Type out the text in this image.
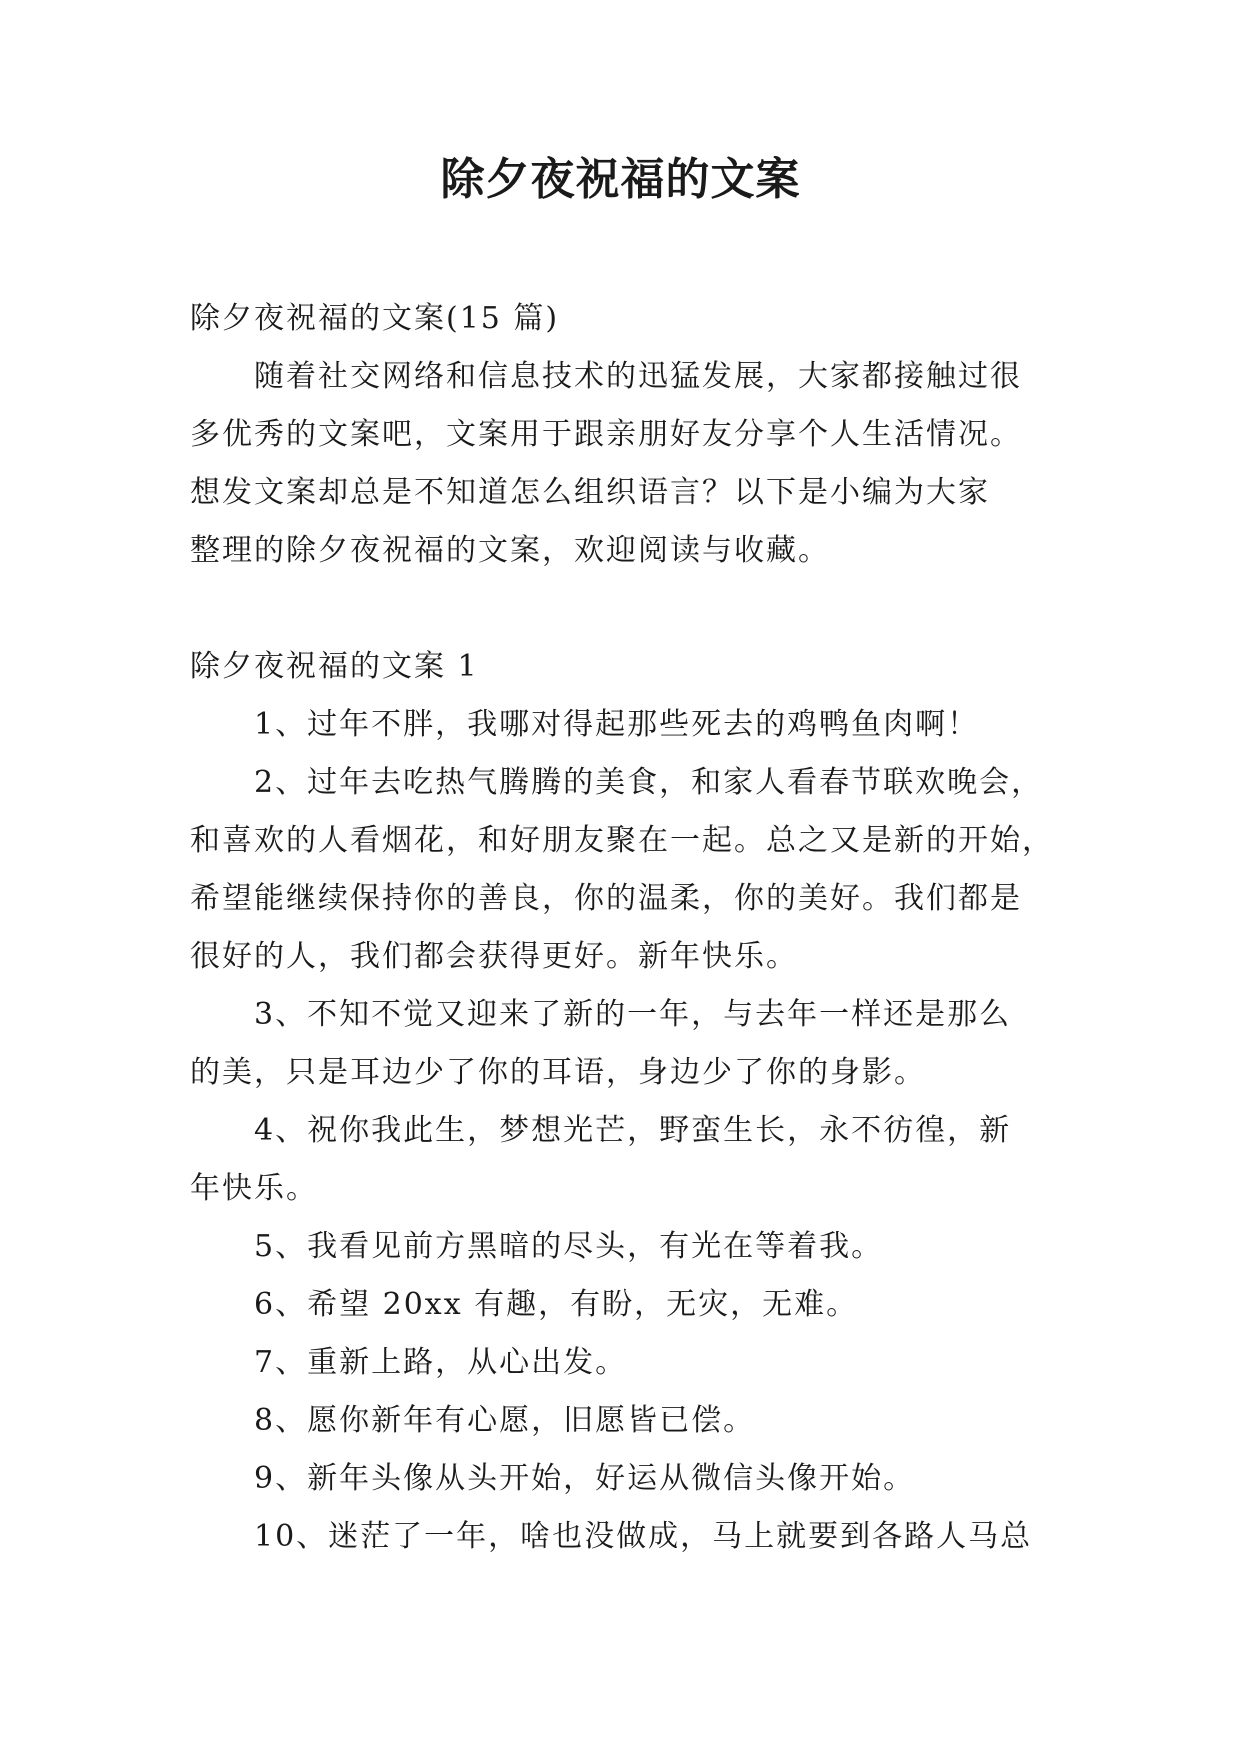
除夕夜祝福的文案

除夕夜祝福的文案(15 篇)

随着社交网络和信息技术的迅猛发展，大家都接触过很

多优秀的文案吧，文案用于跟亲朋好友分享个人生活情况。

想发文案却总是不知道怎么组织语言？以下是小编为大家

整理的除夕夜祝福的文案，欢迎阅读与收藏。

除夕夜祝福的文案 1

1、过年不胖，我哪对得起那些死去的鸡鸭鱼肉啊！

2、过年去吃热气腾腾的美食，和家人看春节联欢晚会，

和喜欢的人看烟花，和好朋友聚在一起。总之又是新的开始，

希望能继续保持你的善良，你的温柔，你的美好。我们都是

很好的人，我们都会获得更好。新年快乐。

3、不知不觉又迎来了新的一年，与去年一样还是那么

的美，只是耳边少了你的耳语，身边少了你的身影。

4、祝你我此生，梦想光芒，野蛮生长，永不彷徨，新

年快乐。

5、我看见前方黑暗的尽头，有光在等着我。

6、希望 20xx 有趣，有盼，无灾，无难。

7、重新上路，从心出发。

8、愿你新年有心愿，旧愿皆已偿。

9、新年头像从头开始，好运从微信头像开始。

10、迷茫了一年，啥也没做成，马上就要到各路人马总
